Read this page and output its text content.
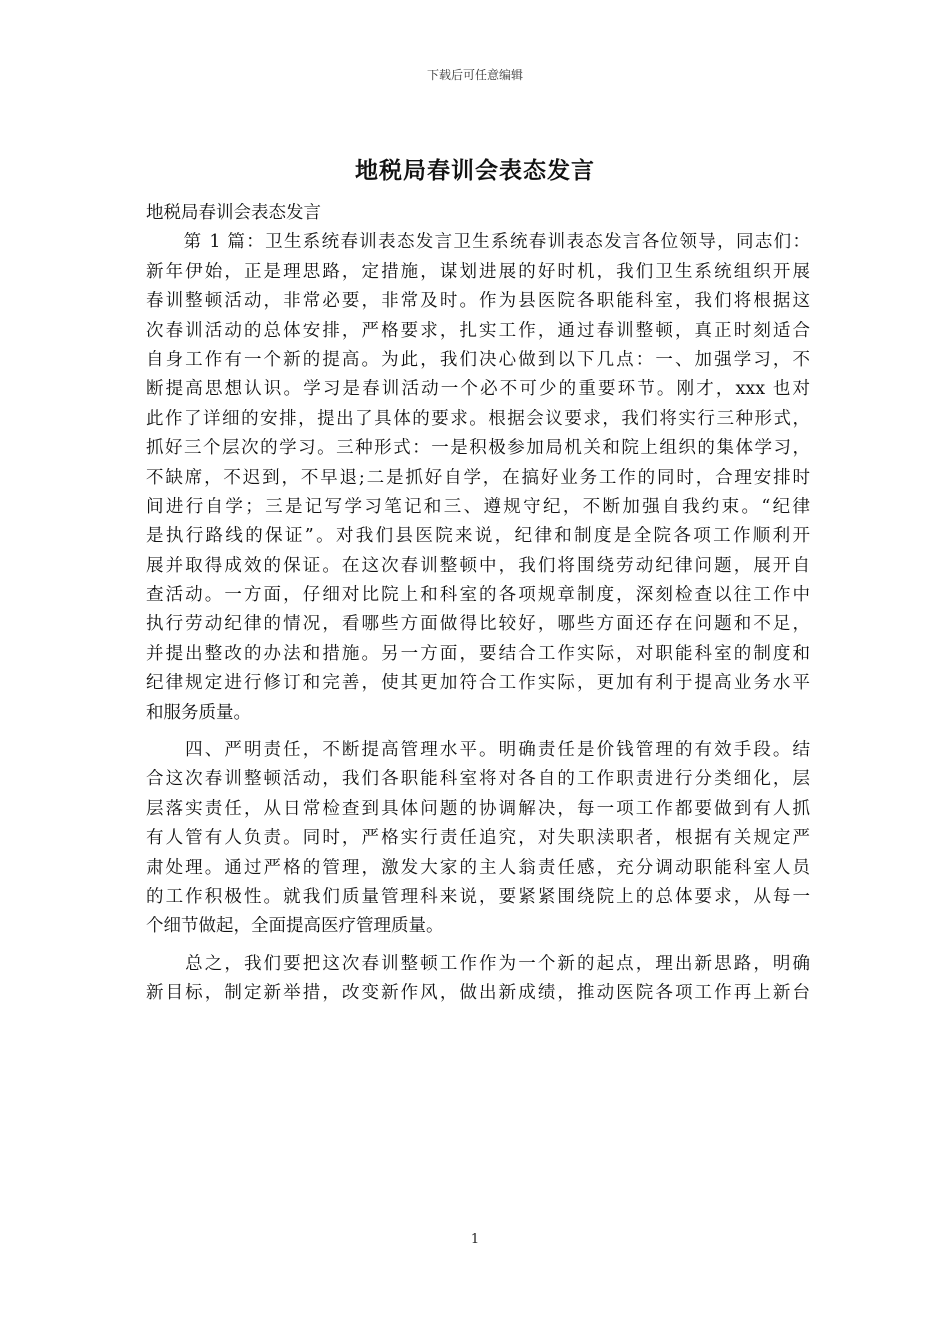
下载后可任意编辑
地税局春训会表态发言
地税局春训会表态发言
　　第 1 篇：卫生系统春训表态发言卫生系统春训表态发言各位领导，同志们：
新年伊始，正是理思路，定措施，谋划进展的好时机，我们卫生系统组织开展
春训整顿活动，非常必要，非常及时。作为县医院各职能科室，我们将根据这
次春训活动的总体安排，严格要求，扎实工作，通过春训整顿，真正时刻适合
自身工作有一个新的提高。为此，我们决心做到以下几点：一、加强学习，不
断提高思想认识。学习是春训活动一个必不可少的重要环节。刚才，xxx 也对
此作了详细的安排，提出了具体的要求。根据会议要求，我们将实行三种形式，
抓好三个层次的学习。三种形式：一是积极参加局机关和院上组织的集体学习，
不缺席，不迟到，不早退;二是抓好自学，在搞好业务工作的同时，合理安排时
间进行自学；三是记写学习笔记和三、遵规守纪，不断加强自我约束。“纪律
是执行路线的保证”。对我们县医院来说，纪律和制度是全院各项工作顺利开
展并取得成效的保证。在这次春训整顿中，我们将围绕劳动纪律问题，展开自
查活动。一方面，仔细对比院上和科室的各项规章制度，深刻检查以往工作中
执行劳动纪律的情况，看哪些方面做得比较好，哪些方面还存在问题和不足，
并提出整改的办法和措施。另一方面，要结合工作实际，对职能科室的制度和
纪律规定进行修订和完善，使其更加符合工作实际，更加有利于提高业务水平
和服务质量。
　　四、严明责任，不断提高管理水平。明确责任是价钱管理的有效手段。结
合这次春训整顿活动，我们各职能科室将对各自的工作职责进行分类细化，层
层落实责任，从日常检查到具体问题的协调解决，每一项工作都要做到有人抓
有人管有人负责。同时，严格实行责任追究，对失职渎职者，根据有关规定严
肃处理。通过严格的管理，激发大家的主人翁责任感，充分调动职能科室人员
的工作积极性。就我们质量管理科来说，要紧紧围绕院上的总体要求，从每一
个细节做起，全面提高医疗管理质量。
　　总之，我们要把这次春训整顿工作作为一个新的起点，理出新思路，明确
新目标，制定新举措，改变新作风，做出新成绩，推动医院各项工作再上新台
1
